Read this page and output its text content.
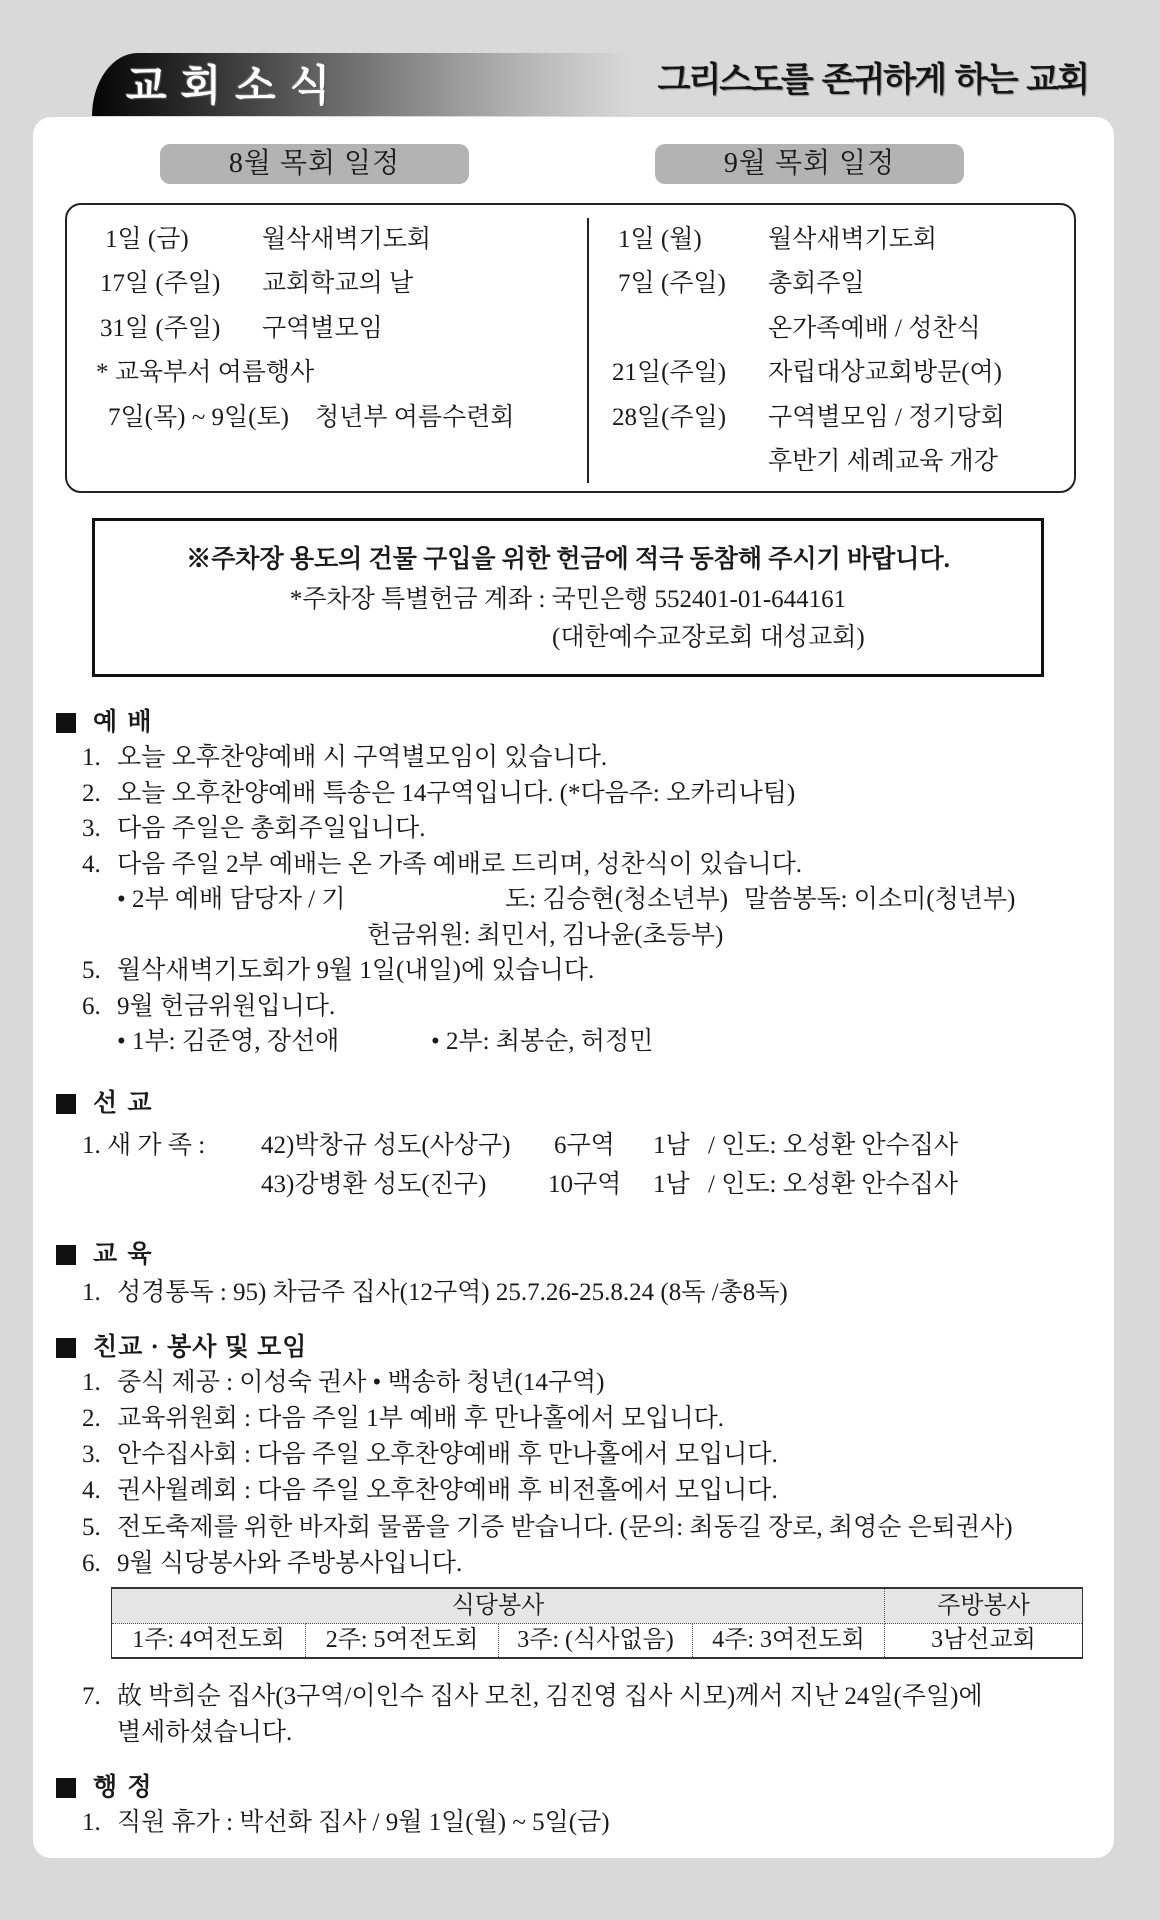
교회소식	그리스도를 존귀하게 하는 교회
8월 목회 일정	9월 목회 일정
1일 (금)	월삭새벽기도회
17일 (주일) 교회학교의 날
31일 (주일) 구역별모임
* 교육부서 여름행사
7일(목) ~ 9일(토) 청년부 여름수련회
1일 (월)	월삭새벽기도회
7일 (주일) 총회주일
온가족예배 / 성찬식
21일(주일) 자립대상교회방문(여)
28일(주일) 구역별모임 / 정기당회
후반기 세례교육 개강
※주차장 용도의 건물 구입을 위한 헌금에 적극 동참해 주시기 바랍니다.
*주차장 특별헌금 계좌 : 국민은행 552401-01-644161
(대한예수교장로회 대성교회)
예 배
1. 오늘 오후찬양예배 시 구역별모임이 있습니다.
2. 오늘 오후찬양예배 특송은 14구역입니다. (*다음주: 오카리나팀)
3. 다음 주일은 총회주일입니다.
4. 다음 주일 2부 예배는 온 가족 예배로 드리며, 성찬식이 있습니다.
• 2부 예배 담당자 / 기	도: 김승현(청소년부) 말씀봉독: 이소미(청년부)
헌금위원: 최민서, 김나윤(초등부)
5. 월삭새벽기도회가 9월 1일(내일)에 있습니다.
6. 9월 헌금위원입니다.
• 1부: 김준영, 장선애	• 2부: 최봉순, 허정민
선 교
1. 새 가 족 : 42)박창규 성도(사상구) 6구역 1남 / 인도: 오성환 안수집사
43)강병환 성도(진구) 10구역 1남 / 인도: 오성환 안수집사
교 육
1. 성경통독 : 95) 차금주 집사(12구역) 25.7.26-25.8.24 (8독 /총8독)
친교 · 봉사 및 모임
1. 중식 제공 : 이성숙 권사 • 백송하 청년(14구역)
2. 교육위원회 : 다음 주일 1부 예배 후 만나홀에서 모입니다.
3. 안수집사회 : 다음 주일 오후찬양예배 후 만나홀에서 모입니다.
4. 권사월례회 : 다음 주일 오후찬양예배 후 비전홀에서 모입니다.
5. 전도축제를 위한 바자회 물품을 기증 받습니다. (문의: 최동길 장로, 최영순 은퇴권사)
6. 9월 식당봉사와 주방봉사입니다.
식당봉사				주방봉사
1주: 4여전도회	2주: 5여전도회	3주: (식사없음)	4주: 3여전도회	3남선교회
7. 故 박희순 집사(3구역/이인수 집사 모친, 김진영 집사 시모)께서 지난 24일(주일)에
별세하셨습니다.
행 정
1. 직원 휴가 : 박선화 집사 / 9월 1일(월) ~ 5일(금)
